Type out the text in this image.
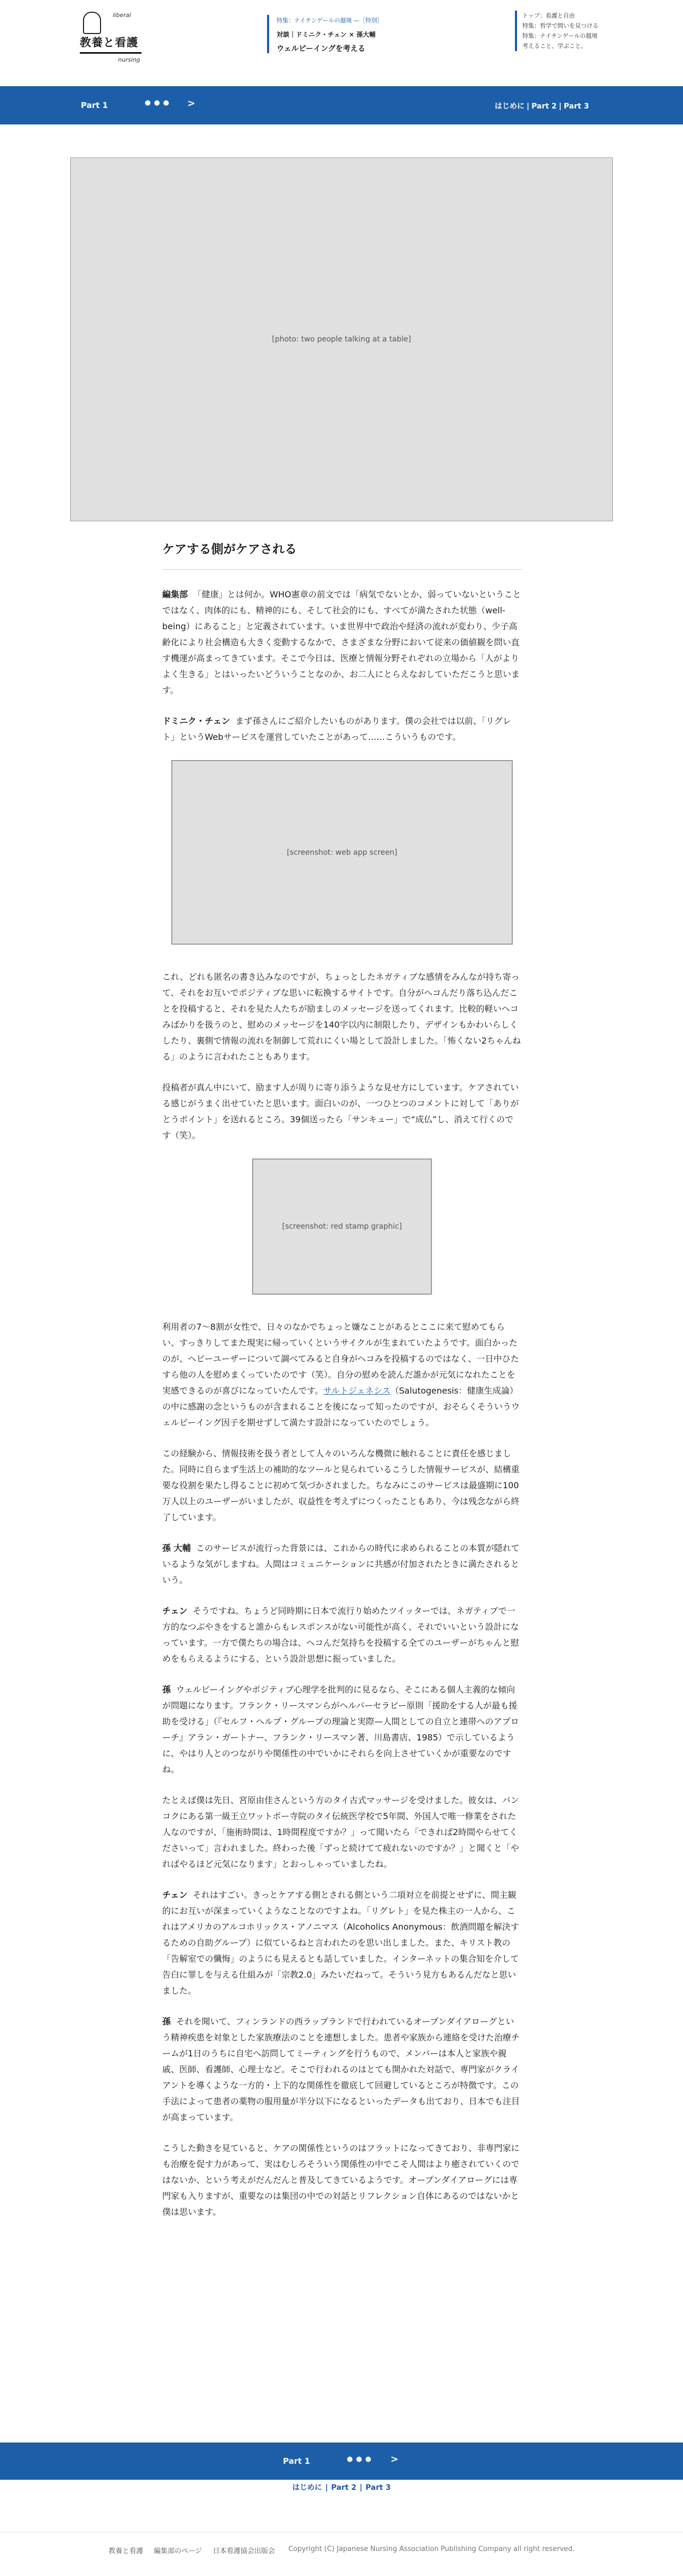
liberal
教養と看護
nursing
特集：ナイチンゲールの越境 —［特別］
対談｜ドミニク・チェン × 孫大輔
ウェルビーイングを考える
トップ：看護と自由
特集：哲学で問いを見つける
特集：ナイチンゲールの越境
考えること、学ぶこと。
Part 1	●●● >	はじめに | Part 2 | Part 3
[photo: two people talking at a table]
ケアする側がケアされる

編集部 「健康」とは何か。WHO憲章の前文では「病気でないとか、弱っていないということではなく、肉体的にも、精神的にも、そして社会的にも、すべてが満たされた状態（well-being）にあること」と定義されています。いま世界中で政治や経済の流れが変わり、少子高齢化により社会構造も大きく変動するなかで、さまざまな分野において従来の価値観を問い直す機運が高まってきています。そこで今日は、医療と情報分野それぞれの立場から「人がよりよく生きる」とはいったいどういうことなのか、お二人にとらえなおしていただこうと思います。

ドミニク・チェン まず孫さんにご紹介したいものがあります。僕の会社では以前、「リグレト」というWebサービスを運営していたことがあって……こういうものです。

[screenshot: web app screen]

これ、どれも匿名の書き込みなのですが、ちょっとしたネガティブな感情をみんなが持ち寄って、それをお互いでポジティブな思いに転換するサイトです。自分がヘコんだり落ち込んだことを投稿すると、それを見た人たちが励ましのメッセージを送ってくれます。比較的軽いヘコみばかりを扱うのと、慰めのメッセージを140字以内に制限したり、デザインもかわいらしくしたり、裏側で情報の流れを制御して荒れにくい場として設計しました。「怖くない2ちゃんねる」のように言われたこともあります。

投稿者が真ん中にいて、励ます人が周りに寄り添うような見せ方にしています。ケアされている感じがうまく出せていたと思います。面白いのが、一つひとつのコメントに対して「ありがとうポイント」を送れるところ。39個送ったら「サンキュー」で“成仏”し、消えて行くのです（笑）。

[screenshot: red stamp graphic]

利用者の7〜8割が女性で、日々のなかでちょっと嫌なことがあるとここに来て慰めてもらい、すっきりしてまた現実に帰っていくというサイクルが生まれていたようです。面白かったのが、ヘビーユーザーについて調べてみると自身がヘコみを投稿するのではなく、一日中ひたすら他の人を慰めまくっていたのです（笑）。自分の慰めを読んだ誰かが元気になれたことを実感できるのが喜びになっていたんです。サルトジェネシス（Salutogenesis：健康生成論）の中に感謝の念というものが含まれることを後になって知ったのですが、おそらくそういうウェルビーイング因子を期せずして満たす設計になっていたのでしょう。

この経験から、情報技術を扱う者として人々のいろんな機微に触れることに責任を感じました。同時に自らまず生活上の補助的なツールと見られているこうした情報サービスが、結構重要な役割を果たし得ることに初めて気づかされました。ちなみにこのサービスは最盛期に100万人以上のユーザーがいましたが、収益性を考えずにつくったこともあり、今は残念ながら終了しています。

孫 大輔 このサービスが流行った背景には、これからの時代に求められることの本質が隠れているような気がしますね。人間はコミュニケーションに共感が付加されたときに満たされるという。

チェン そうですね。ちょうど同時期に日本で流行り始めたツイッターでは、ネガティブで一方的なつぶやきをすると誰からもレスポンスがない可能性が高く、それでいいという設計になっています。一方で僕たちの場合は、ヘコんだ気持ちを投稿する全てのユーザーがちゃんと慰めをもらえるようにする、という設計思想に振っていました。

孫 ウェルビーイングやポジティブ心理学を批判的に見るなら、そこにある個人主義的な傾向が問題になります。フランク・リースマンらがヘルパーセラピー原則「援助をする人が最も援助を受ける」（『セルフ・ヘルプ・グループの理論と実際—人間としての自立と連帯へのアプローチ』アラン・ガートナー、フランク・リースマン著、川島書店、1985）で示しているように、やはり人とのつながりや関係性の中でいかにそれらを向上させていくかが重要なのですね。

たとえば僕は先日、宮原由佳さんという方のタイ古式マッサージを受けました。彼女は、バンコクにある第一級王立ワットポー寺院のタイ伝統医学校で5年間、外国人で唯一修業をされた人なのですが、「施術時間は、1時間程度ですか？」って聞いたら「できれば2時間やらせてくださいって」言われました。終わった後「ずっと続けてて疲れないのですか？」と聞くと「やればやるほど元気になります」とおっしゃっていましたね。

チェン それはすごい。きっとケアする側とされる側という二項対立を前提とせずに、間主観的にお互いが深まっていくようなことなのですよね。「リグレト」を見た株主の一人から、これはアメリカのアルコホリックス・アノニマス（Alcoholics Anonymous：飲酒問題を解決するための自助グループ）に似ているねと言われたのを思い出しました。また、キリスト教の「告解室での懺悔」のようにも見えるとも話していました。インターネットの集合知を介して告白に罪しを与える仕組みが「宗教2.0」みたいだねって。そういう見方もあるんだなと思いました。

孫 それを聞いて、フィンランドの西ラップランドで行われているオープンダイアローグという精神疾患を対象とした家族療法のことを連想しました。患者や家族から連絡を受けた治療チームが1日のうちに自宅へ訪問してミーティングを行うもので、メンバーは本人と家族や親戚、医師、看護師、心理士など。そこで行われるのはとても開かれた対話で、専門家がクライアントを導くような一方的・上下的な関係性を徹底して回避しているところが特徴です。この手法によって患者の薬物の服用量が半分以下になるといったデータも出ており、日本でも注目が高まっています。

こうした動きを見ていると、ケアの関係性というのはフラットになってきており、非専門家にも治療を促す力があって、実はむしろそういう関係性の中でこそ人間はより癒されていくのではないか、という考えがだんだんと普及してきているようです。オープンダイアローグには専門家も入りますが、重要なのは集団の中での対話とリフレクション自体にあるのではないかと僕は思います。

Part 1	●●● >
はじめに | Part 2 | Part 3
教養と看護 編集部のページ 日本看護協会出版会 Copyright (C) Japanese Nursing Association Publishing Company all right reserved.
